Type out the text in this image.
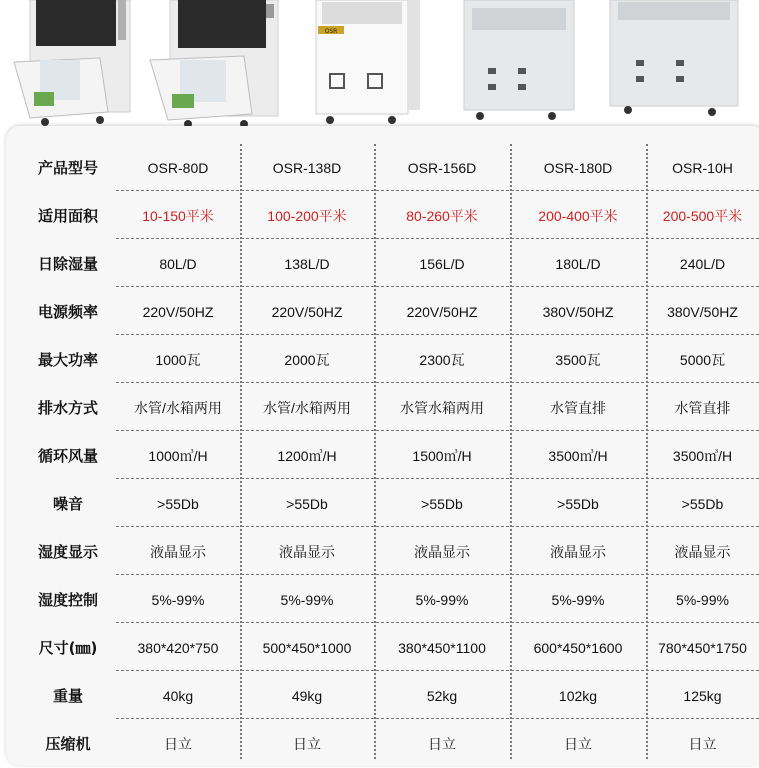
OSR
产品型号	OSR-80D	OSR-138D	OSR-156D	OSR-180D	OSR-10H
适用面积	10-150平米	100-200平米	80-260平米	200-400平米	200-500平米
日除湿量	80L/D	138L/D	156L/D	180L/D	240L/D
电源频率	220V/50HZ	220V/50HZ	220V/50HZ	380V/50HZ	380V/50HZ
最大功率	1000瓦	2000瓦	2300瓦	3500瓦	5000瓦
排水方式	水管/水箱两用	水管/水箱两用	水管水箱两用	水管直排	水管直排
循环风量	1000㎥/H	1200㎥/H	1500㎥/H	3500㎥/H	3500㎥/H
噪音	>55Db	>55Db	>55Db	>55Db	>55Db
湿度显示	液晶显示	液晶显示	液晶显示	液晶显示	液晶显示
湿度控制	5%-99%	5%-99%	5%-99%	5%-99%	5%-99%
尺寸(㎜)	380*420*750	500*450*1000	380*450*1100	600*450*1600	780*450*1750
重量	40kg	49kg	52kg	102kg	125kg
压缩机	日立	日立	日立	日立	日立
